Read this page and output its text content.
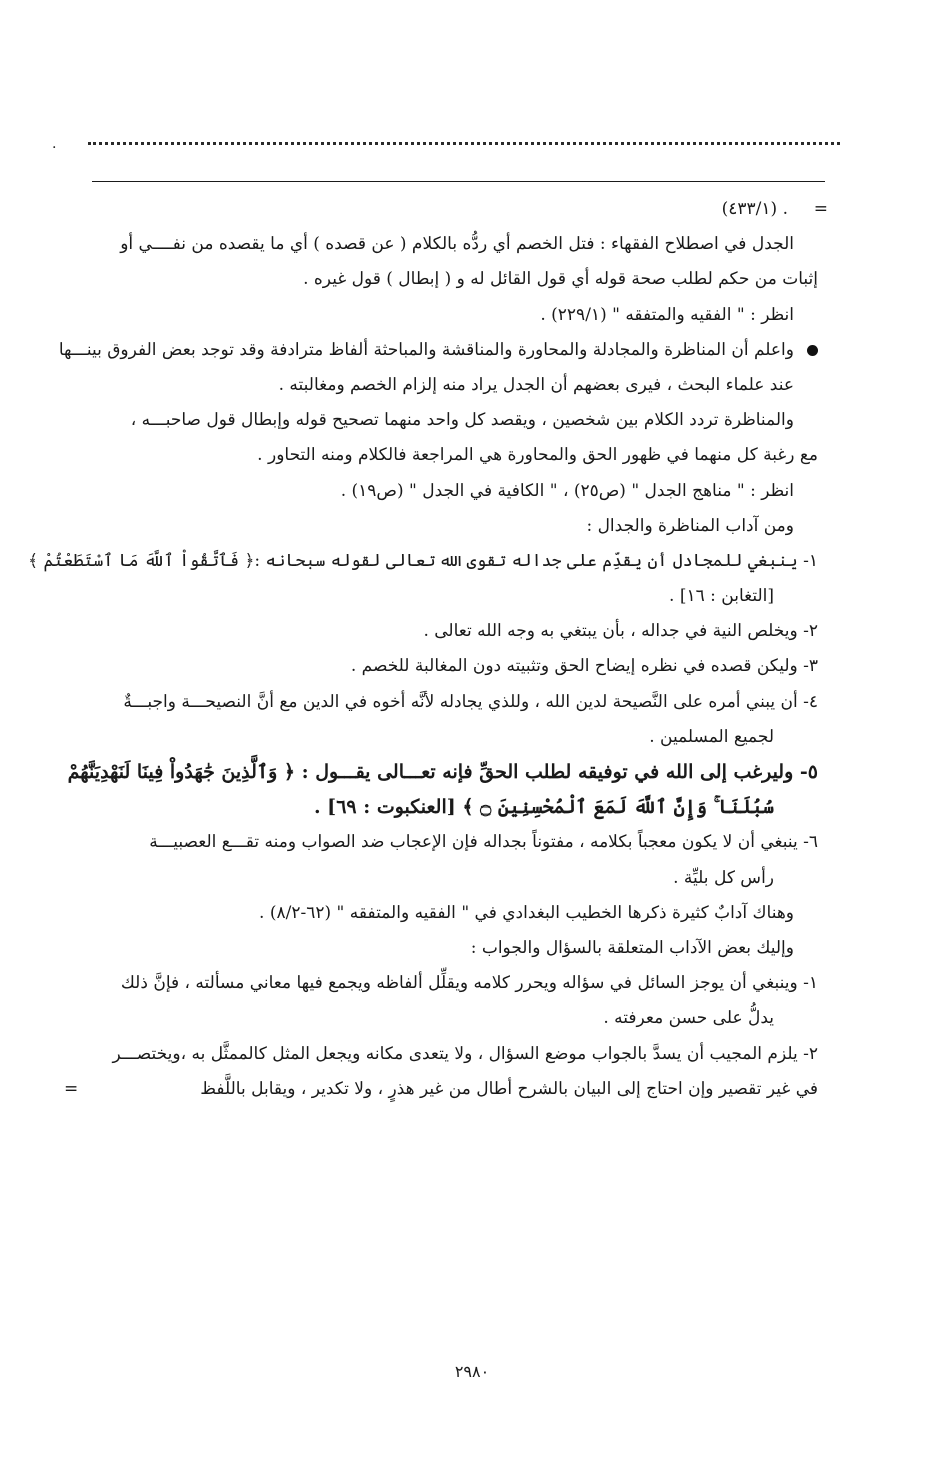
.
=
. (٤٣٣/١)
الجدل في اصطلاح الفقهاء : فتل الخصم أي ردُّه بالكلام ( عن قصده ) أي ما يقصده من نفــــي أو
إثبات من حكم لطلب صحة قوله أي قول القائل له و ( إبطال ) قول غيره .
انظر : " الفقيه والمتفقه " (٢٢٩/١) .
واعلم أن المناظرة والمجادلة والمحاورة والمناقشة والمباحثة ألفاظ مترادفة وقد توجد بعض الفروق بينـــها
عند علماء البحث ، فيرى بعضهم أن الجدل يراد منه إلزام الخصم ومغالبته .
والمناظرة تردد الكلام بين شخصين ، ويقصد كل واحد منهما تصحيح قوله وإبطال قول صاحبـــه ،
مع رغبة كل منهما في ظهور الحق والمحاورة هي المراجعة فالكلام ومنه التحاور .
انظر : " مناهج الجدل " (ص٢٥) ، " الكافية في الجدل " (ص١٩) .
ومن آداب المناظرة والجدال :
١- ينبغي للمجادل أن يقدِّم على جداله تقوى الله تعالى لقوله سبحانه :﴿ فَٱتَّقُواْ ٱللَّهَ مَا ٱسْتَطَعْتُمْ ﴾
[التغابن : ١٦] .
٢- ويخلص النية في جداله ، بأن يبتغي به وجه الله تعالى .
٣- وليكن قصده في نظره إيضاح الحق وتثبيته دون المغالبة للخصم .
٤- أن يبني أمره على النَّصيحة لدين الله ، وللذي يجادله لأنَّه أخوه في الدين مع أنَّ النصيحـــة واجبـــةٌ
لجميع المسلمين .
٥- وليرغب إلى الله في توفيقه لطلب الحقِّ فإنه تعـــالى يقـــول : ﴿ وَٱلَّذِينَ جَٰهَدُواْ فِينَا لَنَهْدِيَنَّهُمْ
سُبُلَنَا ۚ وَإِنَّ ٱللَّهَ لَمَعَ ٱلْمُحْسِنِينَ ۝ ﴾ [العنكبوت : ٦٩] .
٦- ينبغي أن لا يكون معجباً بكلامه ، مفتوناً بجداله فإن الإعجاب ضد الصواب ومنه تقـــع العصبيـــة
رأس كل بليِّة .
وهناك آدابٌ كثيرة ذكرها الخطيب البغدادي في " الفقيه والمتفقه " (٦٢-٨/٢) .
وإليك بعض الآداب المتعلقة بالسؤال والجواب :
١- وينبغي أن يوجز السائل في سؤاله ويحرر كلامه ويقلِّل ألفاظه ويجمع فيها معاني مسألته ، فإنَّ ذلك
يدلُّ على حسن معرفته .
٢- يلزم المجيب أن يسدَّ بالجواب موضع السؤال ، ولا يتعدى مكانه ويجعل المثل كالممثَّل به ،ويختصـــر
=	في غير تقصير وإن احتاج إلى البيان بالشرح أطال من غير هذرٍ ، ولا تكدير ، ويقابل باللَّفظ
٢٩٨٠
